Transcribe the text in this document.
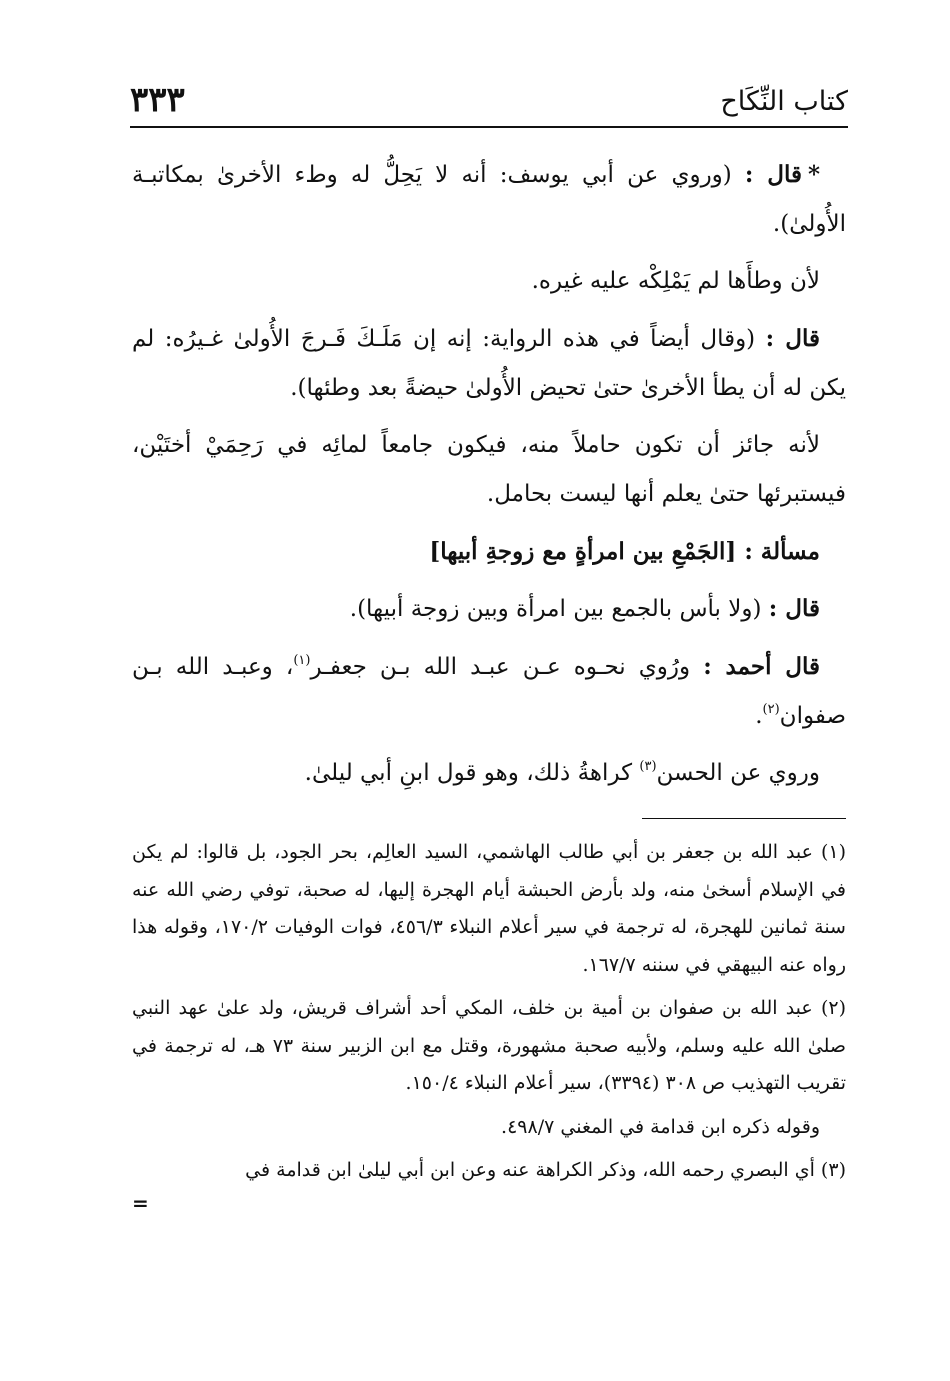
كتاب النِّكَاح
٣٣٣

*قال : (وروي عن أبي يوسف: أنه لا يَحِلُّ له وطء الأخرىٰ بمكاتبـة الأُولىٰ).

لأن وطأَها لم يَمْلِكْه عليه غيره.

قال : (وقال أيضاً في هذه الرواية: إنه إن مَلَـكَ فَـرجَ الأُولىٰ غـيرُه: لم يكن له أن يطأ الأخرىٰ حتىٰ تحيض الأُولىٰ حيضةً بعد وطئها).

لأنه جائز أن تكون حاملاً منه، فيكون جامعاً لمائِه في رَحِمَيْ أختَيْن، فيستبرئها حتىٰ يعلم أنها ليست بحامل.

مسألة : [الجَمْعِ بين امرأةٍ مع زوجةِ أبيها]

قال : (ولا بأس بالجمع بين امرأة وبين زوجة أبيها).

قال أحمد : ورُوي نحـوه عـن عبـد الله بـن جعفـر$^{(١)}$، وعبـد الله بـن صفوان$^{(٢)}$.

وروي عن الحسن$^{(٣)}$ كراهةُ ذلك، وهو قول ابنِ أبي ليلىٰ.

(١) عبد الله بن جعفر بن أبي طالب الهاشمي، السيد العالِم، بحر الجود، بل قالوا: لم يكن في الإسلام أسخىٰ منه، ولد بأرض الحبشة أيام الهجرة إليها، له صحبة، توفي رضي الله عنه سنة ثمانين للهجرة، له ترجمة في سير أعلام النبلاء ٤٥٦/٣، فوات الوفيات ١٧٠/٢، وقوله هذا رواه عنه البيهقي في سننه ١٦٧/٧.

(٢) عبد الله بن صفوان بن أمية بن خلف، المكي أحد أشراف قريش، ولد علىٰ عهد النبي صلىٰ الله عليه وسلم، ولأبيه صحبة مشهورة، وقتل مع ابن الزبير سنة ٧٣ هـ، له ترجمة في تقريب التهذيب ص ٣٠٨ (٣٣٩٤)، سير أعلام النبلاء ١٥٠/٤.

وقوله ذكره ابن قدامة في المغني ٤٩٨/٧.

(٣) أي البصري رحمه الله، وذكر الكراهة عنه وعن ابن أبي ليلىٰ ابن قدامة في
=
